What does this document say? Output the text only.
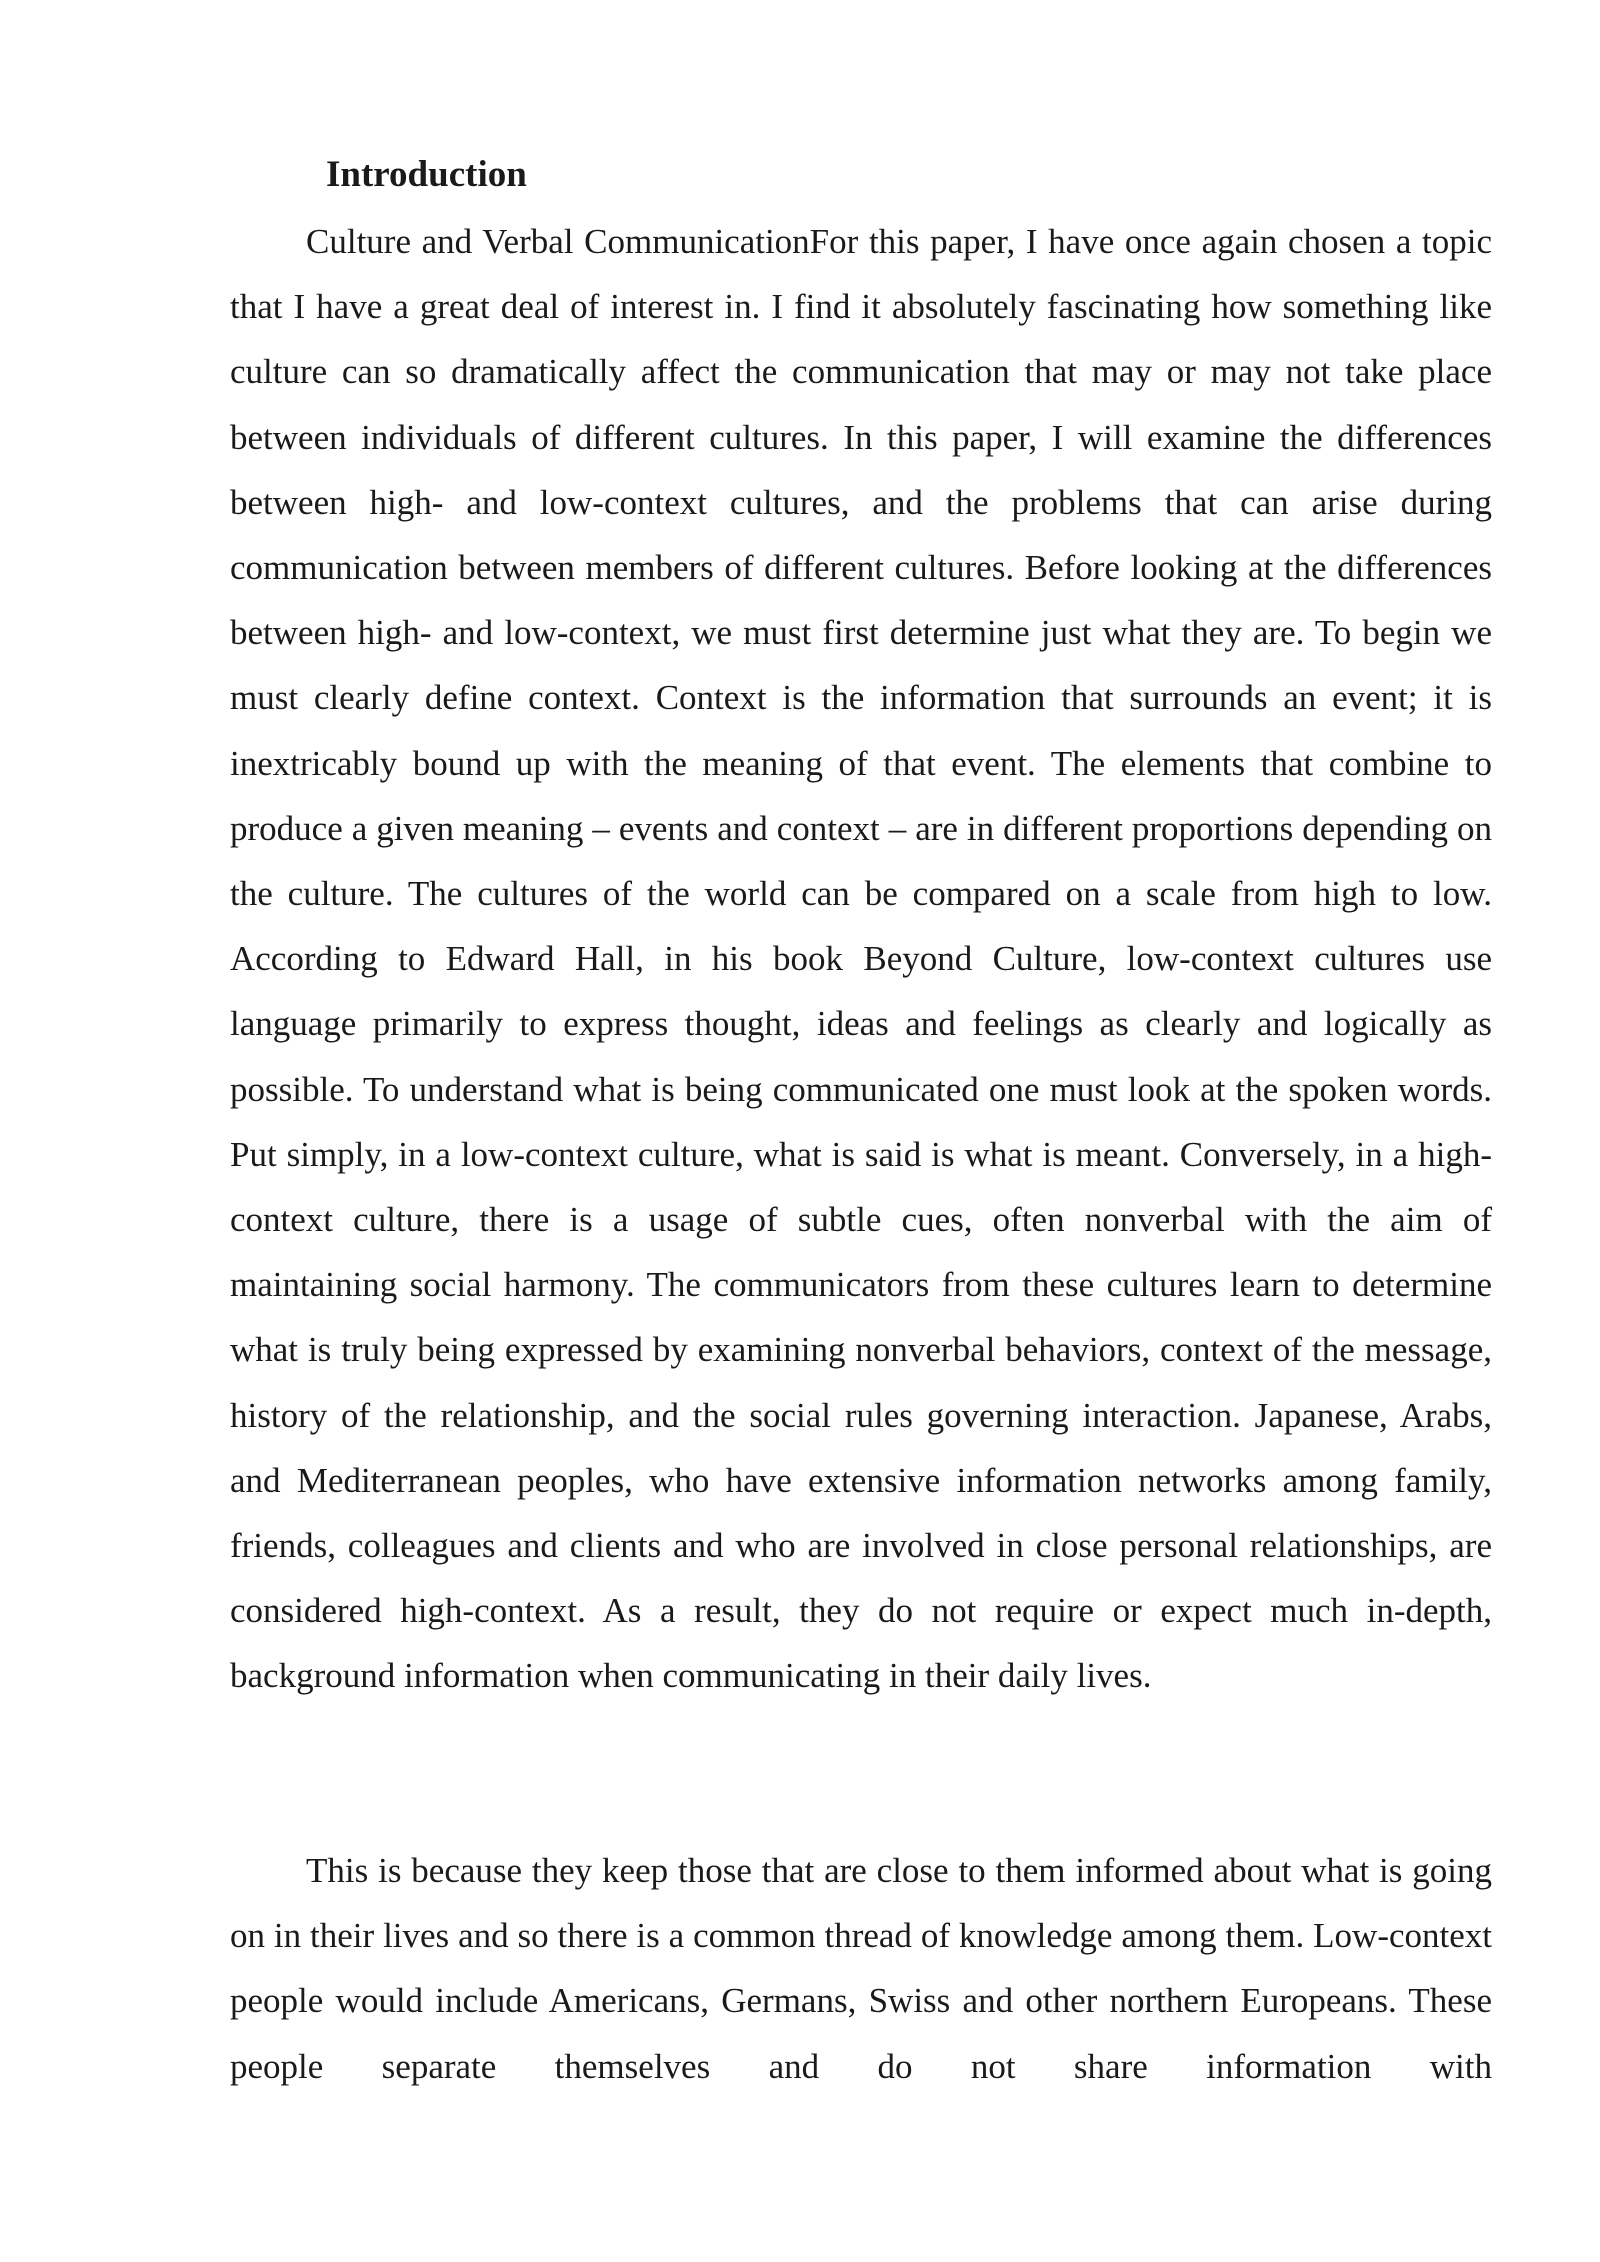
Introduction

Culture and Verbal CommunicationFor this paper, I have once again chosen a topic that I have a great deal of interest in. I find it absolutely fascinating how something like culture can so dramatically affect the communication that may or may not take place between individuals of different cultures. In this paper, I will examine the differences between high- and low-context cultures, and the problems that can arise during communication between members of different cultures. Before looking at the differences between high- and low-context, we must first determine just what they are. To begin we must clearly define context. Context is the information that surrounds an event; it is inextricably bound up with the meaning of that event. The elements that combine to produce a given meaning – events and context – are in different proportions depending on the culture. The cultures of the world can be compared on a scale from high to low. According to Edward Hall, in his book Beyond Culture, low-context cultures use language primarily to express thought, ideas and feelings as clearly and logically as possible. To understand what is being communicated one must look at the spoken words. Put simply, in a low-context culture, what is said is what is meant. Conversely, in a high-context culture, there is a usage of subtle cues, often nonverbal with the aim of maintaining social harmony. The communicators from these cultures learn to determine what is truly being expressed by examining nonverbal behaviors, context of the message, history of the relationship, and the social rules governing interaction. Japanese, Arabs, and Mediterranean peoples, who have extensive information networks among family, friends, colleagues and clients and who are involved in close personal relationships, are considered high-context. As a result, they do not require or expect much in-depth, background information when communicating in their daily lives.

This is because they keep those that are close to them informed about what is going on in their lives and so there is a common thread of knowledge among them. Low-context people would include Americans, Germans, Swiss and other northern Europeans. These people separate themselves and do not share information with
